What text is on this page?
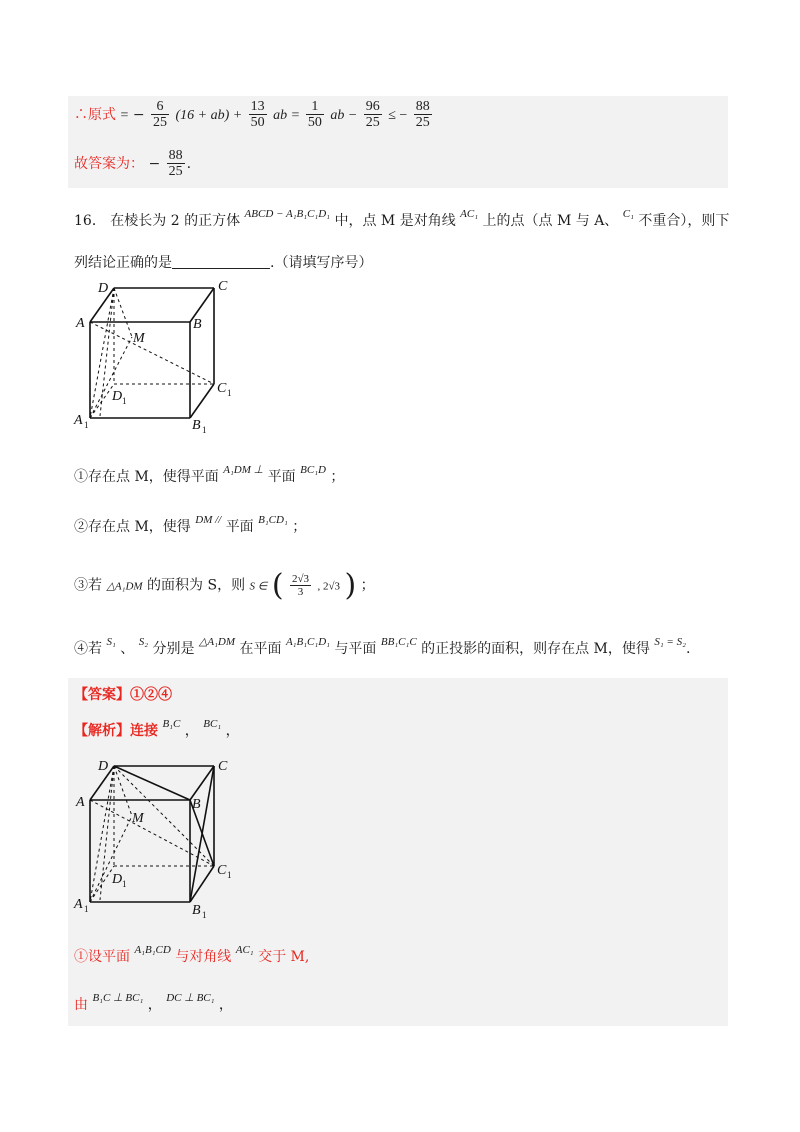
∴原式 = − $\frac{6}{25} (16 + ab) + \frac{13}{50}$ ab = $\frac{1}{50}$ ab − $\frac{96}{25}$ ≤ − $\frac{88}{25}$
故答案为： − $\frac{88}{25}$ .
16． 在棱长为 2 的正方体 $^{ABCD - A_1B_1C_1D_1}$ 中，点 M 是对角线 $^{AC_1}$ 上的点（点 M 与 A、 $^{C_1}$ 不重合），则下
列结论正确的是	.（请填写序号）
D	C
A	B
M
C 1
D 1
A 1	B 1
①存在点 M，使得平面 $^{A_1DM \perp}$ 平面 $^{BC_1D}$ ；
②存在点 M，使得 $^{DM //}$ 平面 $^{B_1CD_1}$ ；
③若 △A₁DM 的面积为 S，则 S ∈ ( $\frac{2√3}{3}$ , 2√3 ) ；
④若 $^{S_1}$ 、 $^{S_2}$ 分别是 $^{\triangle A_1DM}$ 在平面 $^{A_1B_1C_1D_1}$ 与平面 $^{BB_1C_1C}$ 的正投影的面积，则存在点 M，使得 $^{S_1 = S_2}$.
【答案】①②④
【解析】连接 $^{B_1C}$ ， $^{BC_1}$ ，
D	C
A	B
M
C 1
D 1
A 1	B 1
①设平面 $^{A_1B_1CD}$ 与对角线 $^{AC_1}$ 交于 M,
由 $^{B_1C \perp BC_1}$ ， $^{DC \perp BC_1}$ ，
